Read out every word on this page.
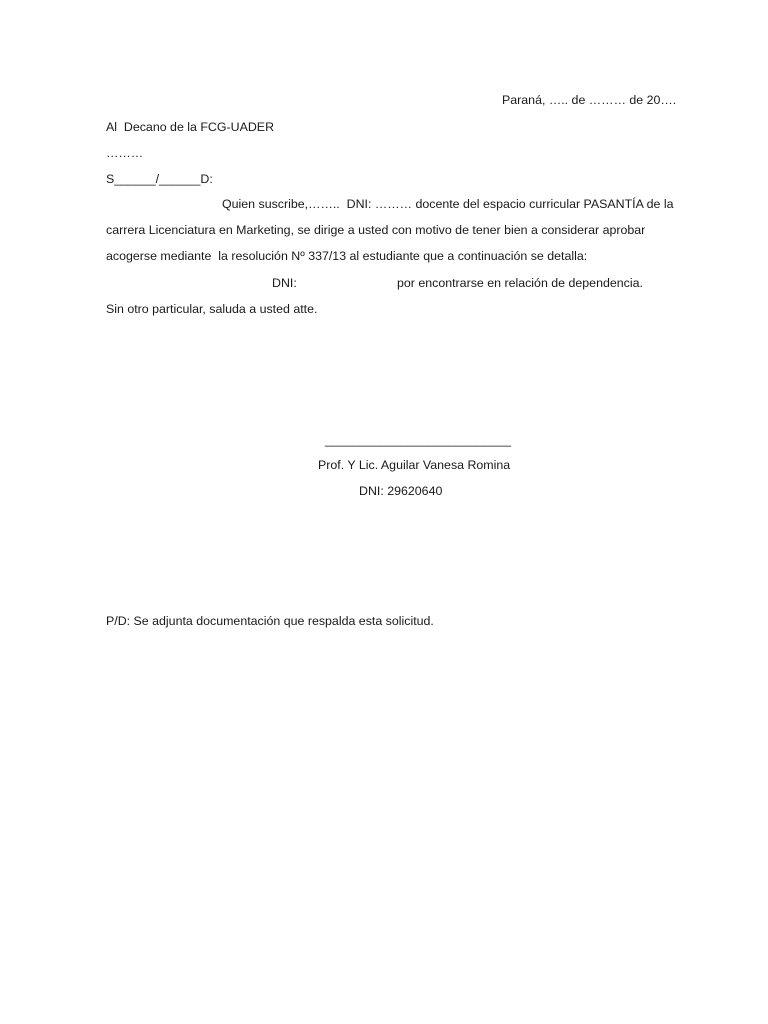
Paraná, ….. de ……… de 20….
Al  Decano de la FCG-UADER
………
S______/______D:
Quien suscribe,……..  DNI: ……… docente del espacio curricular PASANTÍA de la
carrera Licenciatura en Marketing, se dirige a usted con motivo de tener bien a considerar aprobar
acogerse mediante  la resolución Nº 337/13 al estudiante que a continuación se detalla:
DNI:	por encontrarse en relación de dependencia.
Sin otro particular, saluda a usted atte.
___________________________
Prof. Y Lic. Aguilar Vanesa Romina
DNI: 29620640
P/D: Se adjunta documentación que respalda esta solicitud.
